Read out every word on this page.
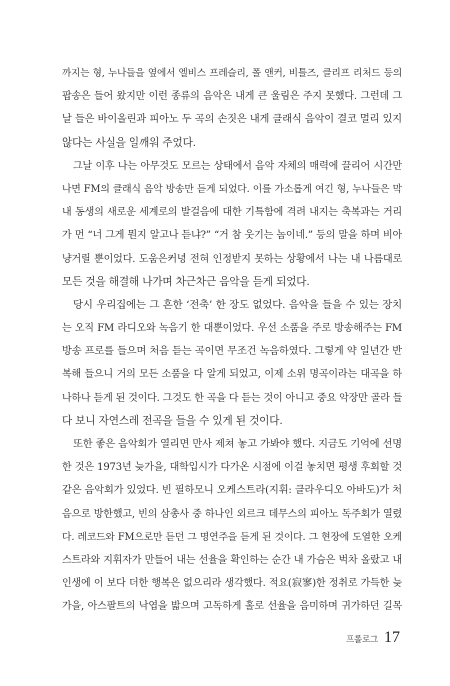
까지는 형, 누나들을 옆에서 엘비스 프레슬리, 폴 앤커, 비틀즈, 클리프 리처드 등의
팝송은 들어 왔지만 이런 종류의 음악은 내게 큰 울림은 주지 못했다. 그런데 그
날 들은 바이올린과 피아노 두 곡의 손짓은 내게 클래식 음악이 결코 멀리 있지
않다는 사실을 일깨워 주었다.
그날 이후 나는 아무것도 모르는 상태에서 음악 자체의 매력에 끌리어 시간만
나면 FM의 클래식 음악 방송만 듣게 되었다. 이를 가소롭게 여긴 형, 누나들은 막
내 동생의 새로운 세계로의 발걸음에 대한 기특함에 격려 내지는 축복과는 거리
가 먼 “너 그게 뭔지 알고나 듣냐?” “거 참 웃기는 놈이네.” 등의 말을 하며 비아
냥거릴 뿐이었다. 도움은커녕 전혀 인정받지 못하는 상황에서 나는 내 나름대로
모든 것을 해결해 나가며 차근차근 음악을 듣게 되었다.
당시 우리집에는 그 흔한 ‘전축’ 한 장도 없었다. 음악을 들을 수 있는 장치
는 오직 FM 라디오와 녹음기 한 대뿐이었다. 우선 소품을 주로 방송해주는 FM
방송 프로를 들으며 처음 듣는 곡이면 무조건 녹음하였다. 그렇게 약 일년간 반
복해 들으니 거의 모든 소품을 다 알게 되었고, 이제 소위 명곡이라는 대곡을 하
나하나 듣게 된 것이다. 그것도 한 곡을 다 듣는 것이 아니고 중요 악장만 골라 들
다 보니 자연스레 전곡을 들을 수 있게 된 것이다.
또한 좋은 음악회가 열리면 만사 제쳐 놓고 가봐야 했다. 지금도 기억에 선명
한 것은 1973년 늦가을, 대학입시가 다가온 시점에 이걸 놓치면 평생 후회할 것
같은 음악회가 있었다. 빈 필하모니 오케스트라(지휘: 클라우디오 아바도)가 처
음으로 방한했고, 빈의 삼총사 중 하나인 외르크 데무스의 피아노 독주회가 열렸
다. 레코드와 FM으로만 듣던 그 명연주을 듣게 된 것이다. 그 현장에 도열한 오케
스트라와 지휘자가 만들어 내는 선율을 확인하는 순간 내 가슴은 벅차 올랐고 내
인생에 이 보다 더한 행복은 없으리라 생각했다. 적요(寂寥)한 정취로 가득한 늦
가을, 아스팔트의 낙엽을 밟으며 고독하게 홀로 선율을 음미하며 귀가하던 길목
프롤로그 17
